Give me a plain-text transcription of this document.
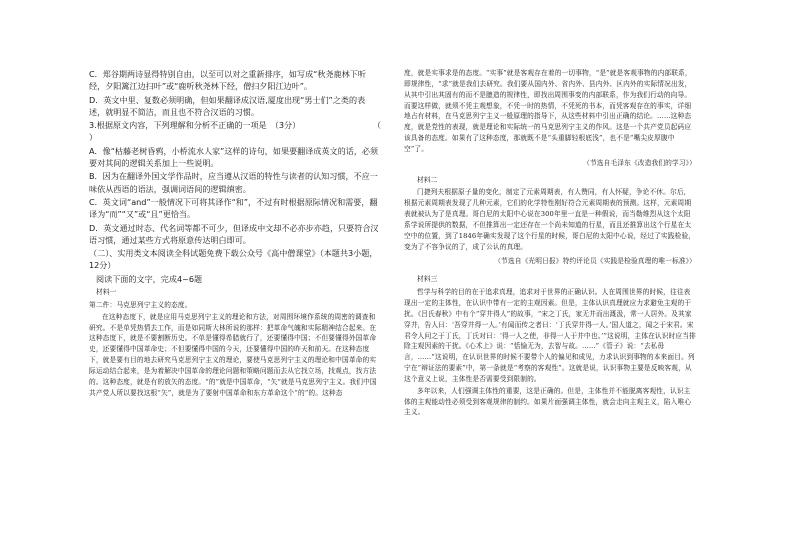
C．郑谷期两诗显得特别自由，以至可以对之重新排序，如写成“秋尧鹿林下听经，夕阳篱江边扫叶”或“鹿听秋尧林下经，僧扫夕阳江边叶”。

D．英文中里、复数必须明确，但如果翻译成汉语,厦度出现“男士们”之类的表述，就明显不简洁，而且也不符合汉语的习惯。

3.根据原文内容，下列理解和分析不正确的一项是　（3分）	（

）

A．像“枯藤老树昏鸦，小桥流水人家”这样的诗句，如果要翻译成英文的话，必须要对其间的逻辑关系加上一些说明。

B．因为在翻译外国文学作品时，应当遵从汉语的特性与读者的认知习惯，不应一味依从西语的语法，强调词语间的逻辑缜密。

C．英文词“and”一般情况下可将其译作“和”，不过有时根据原际情况和需要，翻译为“而”“又”或“且”更恰当。

D．英文通过时态、代名词等都不可少，但译成中文却不必亦步亦趋，只要符合汉语习惯，通过某些方式将原意传达明白即可。

（二）、实用类文本阅读全科试题免费下载公众号《高中僧课堂》（本题共3小题，12分）

阅读下面的文字，完成4~6题

材料一

第二件：马克思列宁主义的态度。

在这种态度下，就是应用马克思列宁主义的理论和方法，对周围环境作系统的周密的调查和研究。不是单凭热情去工作，而是如同斯大林所说的那样：把革命气魄和实际精神结合起来。在这种态度下，就是不要割断历史。不单是懂得希腊就行了，还要懂得中国；不但要懂得外国革命史，还要懂得中国革命史；不但要懂得中国的今天，还要懂得中国的昨天和前天。在这种态度下，就是要有目的地去研究马克思列宁主义的理论，要使马克思列宁主义的理论和中国革命的实际运动结合起来，是为着解决中国革命的理论问题和策略问题而去从它找立场，找观点，找方法的。这种态度，就是有的放矢的态度。“的”就是中国革命，“矢”就是马克思列宁主义。我们中国共产党人所以要找这根“矢”，就是为了要射中国革命和东方革命这个“的”的。这种态

度，就是实事求是的态度。“实事”就是客观存在着的一切事物，“是”就是客观事物的内部联系，即规律性，“求”就是我们去研究。我们要从国内外、省内外、县内外、区内外的实际情况出发，从其中引出其固有的而不是臆造的规律性，即找出周围事变的内部联系，作为我们行动的向导。而要这样做，就须不凭主观想象，不凭一时的热情，不凭死的书本，而凭客观存在的事实，详细地占有材料，在马克思列宁主义一般原理的指导下，从这些材料中引出正确的结论。……这种态度，就是党性的表现，就是理论和实际统一的马克思列宁主义的作风。这是一个共产党员起码应该具备的态度。如果有了这种态度，那就既不是“头重脚轻根底浅”，也不是“嘴尖皮厚腹中空”了。

（节选自毛泽东《改造我们的学习》）

材料二

门捷列夫根据原子量的变化，制定了元素周期表，有人赞同，有人怀疑，争论不休。尔后，根据元素周期表发现了几种元素，它们的化学特性刚好符合元素周期表的预测。这样，元素周期表就被认为了是真理。哥白尼的太阳中心说在300年里一直是一种假说，而当勒维烈从这个太阳系学说所提供的数据，不但推算出一定还存在一个尚未知道的行星，而且还推算出这个行星在太空中的位置，到了1846年确实发现了这个行星的时候，哥白尼的太阳中心说，经过了实践检验，变为了不容争议的了，成了公认的真理。

（节选自《光明日报》特约评论员《实践是检验真理的唯一标准》）

材料三

哲学与科学的目的在于追求真理，追求对于世界的正确认识。人在周围世界的时候，往往表现出一定的主体性，在认识中带有一定的主观因素。但是，主体认识真理就应力求避免主观的干扰。《吕氏春秋》中有个“穿井得人”的故事，“宋之丁氏，家无井而出溉汲，常一人居外。及其家穿井，告人曰：‘吾穿井得一人。’有闻而传之者曰：‘丁氏穿井得一人。’国人道之，闻之于宋君。宋君令人问之于丁氏，丁氏对曰：‘得一人之使，非得一人于井中也。’”这说明，主体在认识时应当排除主观因素的干扰。《心术上》说：“恬愉无为，去智与故。……”《管子》说：“去私毋言，……”这说明，在认识世界的时候不要带个人的偏见和成见，力求认识到事物的本来面目。列宁在“辩证法的要素”中，第一条就是“考察的客观性”。这就是说，认识事物主要是反映客观，从这个意义上说，主体性是否需要受到限制的。

多年以来，人们强调主体性的重要，这是正确的。但是，主体性并不能脱离客观性，认识主体的主观能动性必须受到客观规律的制约。如果片面强调主体性，就会走向主观主义，陷入唯心主义。
